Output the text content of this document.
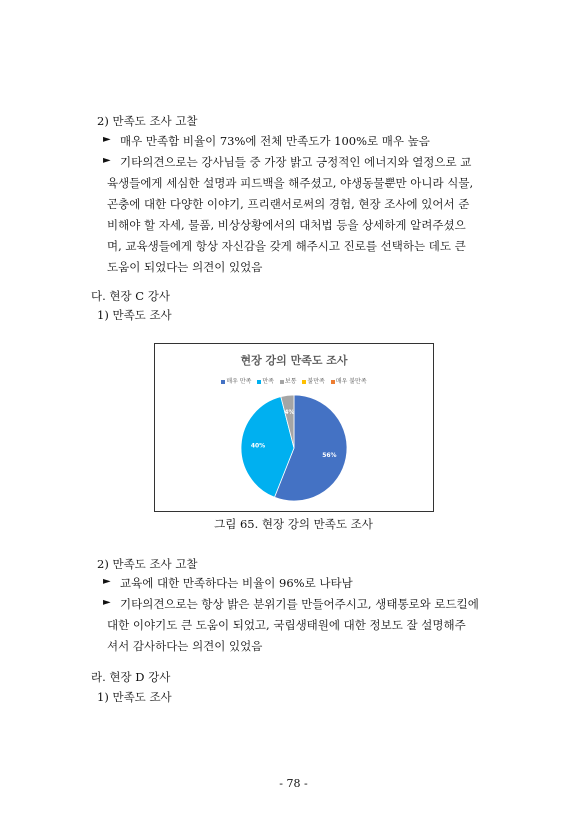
2) 만족도 조사 고찰
► 매우 만족함 비율이 73%에 전체 만족도가 100%로 매우 높음
► 기타의견으로는 강사님들 중 가장 밝고 긍정적인 에너지와 열정으로 교
육생들에게 세심한 설명과 피드백을 해주셨고, 야생동물뿐만 아니라 식물,
곤충에 대한 다양한 이야기, 프리랜서로써의 경험, 현장 조사에 있어서 준
비해야 할 자세, 물품, 비상상황에서의 대처법 등을 상세하게 알려주셨으
며, 교육생들에게 항상 자신감을 갖게 해주시고 진로를 선택하는 데도 큰
도움이 되었다는 의견이 있었음
다. 현장 C 강사
1) 만족도 조사
현장 강의 만족도 조사
매우 만족 만족 보통 불만족 매우 불만족
56%
40%
4%
그림 65. 현장 강의 만족도 조사
2) 만족도 조사 고찰
► 교육에 대한 만족하다는 비율이 96%로 나타남
► 기타의견으로는 항상 밝은 분위기를 만들어주시고, 생태통로와 로드킬에
대한 이야기도 큰 도움이 되었고, 국립생태원에 대한 정보도 잘 설명해주
셔서 감사하다는 의견이 있었음
라. 현장 D 강사
1) 만족도 조사
- 78 -
